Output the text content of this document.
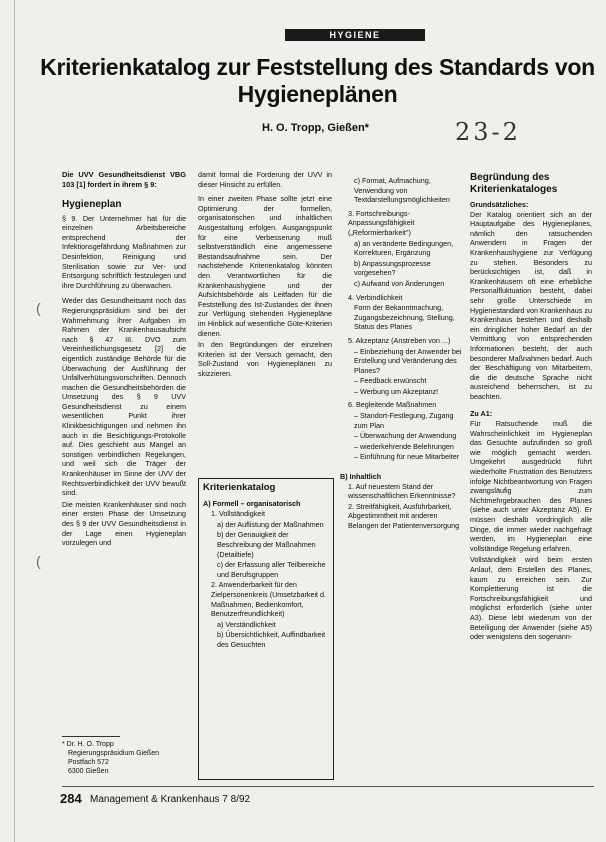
(
(
HYGIENE
Kriterienkatalog zur Feststellung des Standards von Hygieneplänen
H. O. Tropp, Gießen*	23-2

Die UVV Gesundheitsdienst VBG 103 [1] fordert in ihrem § 9:

Hygieneplan

§ 9. Der Unternehmer hat für die einzelnen Arbeitsbereiche entsprechend der Infektionsgefährdung Maßnahmen zur Desinfektion, Reinigung und Sterilisation sowie zur Ver- und Entsorgung schriftlich festzulegen und ihre Durchführung zu überwachen.

Weder das Gesundheitsamt noch das Regierungspräsidium sind bei der Wahrnehmung ihrer Aufgaben im Rahmen der Krankenhausaufsicht nach § 47 III. DVO zum Vereinheitlichungsgesetz [2] die eigentlich zuständige Behörde für die Überwachung der Ausführung der Unfallverhütungsvorschriften. Dennoch machen die Gesundheitsbehörden die Umsetzung des § 9 UVV Gesundheitsdienst zu einem wesentlichen Punkt ihrer Klinikbesichtigungen und nehmen ihn auch in die Besichtigungs-Protokolle auf. Dies geschieht aus Mangel an sonstigen verbindlichen Regelungen, und weil sich die Träger der Krankenhäuser im Sinne der UVV der Rechtsverbindlichkeit der UVV bewußt sind.

Die meisten Krankenhäuser sind noch einer ersten Phase der Umsetzung des § 9 der UVV Gesundheitsdienst in der Lage einen Hygieneplan vorzulegen und

damit formal die Forderung der UVV in dieser Hinsicht zu erfüllen.

In einer zweiten Phase sollte jetzt eine Optimierung der formellen, organisatorischen und inhaltlichen Ausgestaltung erfolgen. Ausgangspunkt für eine Verbesserung muß selbstverständlich eine angemessene Bestandsaufnahme sein. Der nachstehende Kriterienkatalog könnten den Verantwortlichen für die Krankenhaushygiene und der Aufsichtsbehörde als Leitfaden für die Feststellung des Ist-Zustandes der ihnen zur Verfügung stehenden Hygienepläne im Hinblick auf wesentliche Güte-Kriterien dienen.

In den Begründungen der einzelnen Kriterien ist der Versuch gemacht, den Soll-Zustand von Hygieneplänen zu skizzieren.

Kriterienkatalog
A) Formell – organisatorisch
1. Vollständigkeit
a) der Auflistung der Maßnahmen
b) der Genauigkeit der Beschreibung der Maßnahmen (Detailtiefe)
c) der Erfassung aller Teilbereiche und Berufsgruppen
2. Anwenderbarkeit für den Zielpersonenkreis (Umsetzbarkeit d. Maßnahmen, Bedienkomfort, Benutzerfreundlichkeit)
a) Verständlichkeit
b) Übersichtlichkeit, Auffindbarkeit des Gesuchten
c) Format, Aufmachung, Verwendung von Textdarstellungsmöglichkeiten
3. Fortschreibungs- Anpassungsfähigkeit („Reformierbarkeit")
a) an veränderte Bedingungen, Korrekturen, Ergänzung
b) Anpassungsprozesse vorgesehen?
c) Aufwand von Änderungen
4. Verbindlichkeit
Form der Bekanntmachung, Zugangsbezeichnung, Stellung, Status des Planes
5. Akzeptanz (Anstreben von ...)
– Einbeziehung der Anwender bei Erstellung und Veränderung des Planes?
– Feedback erwünscht
– Werbung um Akzeptanz!
6. Begleitende Maßnahmen
– Standort-Festlegung, Zugang zum Plan
– Überwachung der Anwendung
– wiederkehrende Belehrungen
– Einführung für neue Mitarbeiter
B) Inhaltlich
1. Auf neuestem Stand der wissenschaftlichen Erkenntnisse?
2. Streitfähigkeit, Ausführbarkeit, Abgestimmtheit mit anderen Belangen der Patientenversorgung
Begründung des Kriterienkataloges
Grundsätzliches:

Der Katalog orientiert sich an der Hauptaufgabe des Hygieneplanes, nämlich den ratsuchenden Anwendern in Fragen der Krankenhaushygiene zur Verfügung zu stehen. Besonders zu berücksichtigen ist, daß in Krankenhäusern oft eine erhebliche Personalfluktuation besteht, dabei sehr große Unterschiede im Hygienestandard von Krankenhaus zu Krankenhaus bestehen und deshalb ein dringlicher hoher Bedarf an der Vermittlung von entsprechenden Informationen besteht, der auch besonderer Maßnahmen bedarf. Auch der Beschäftigung von Mitarbeitern, die die deutsche Sprache nicht ausreichend beherrschen, ist zu beachten.

Zu A1:

Für Ratsuchende muß die Wahrscheinlichkeit im Hygieneplan das Gesuchte aufzufinden so groß wie möglich gemacht werden. Umgekehrt ausgedrückt führt wiederholte Frustration des Benutzers infolge Nichtbeantwortung von Fragen zwangsläufig zum Nichtmehrgebrauchen des Planes (siehe auch unter Akzeptanz A5). Er müssen deshalb vordringlich alle Dinge, die immer wieder nachgefragt werden, im Hygieneplan eine vollständige Regelung erfahren.

Vollständigkeit wird beim ersten Anlauf, dem Erstellen des Planes, kaum zu erreichen sein. Zur Komplettierung ist die Fortschreibungsfähigkeit und möglichst erforderlich (siehe unter A3). Diese lebt wiederum von der Beteiligung der Anwender (siehe A5) oder wenigstens den sogenann-

* Dr. H. O. Tropp
Regierungspräsidium Gießen
Postfach 572
6300 Gießen
284 Management & Krankenhaus 7 8/92
